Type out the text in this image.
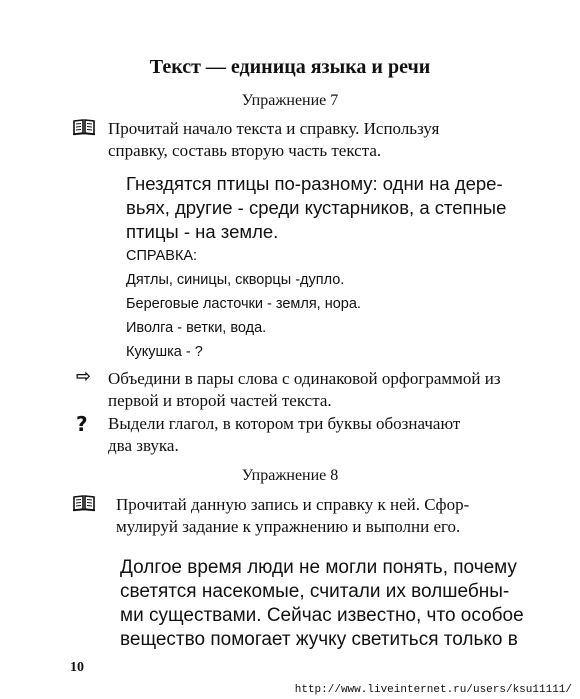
Текст — единица языка и речи
Упражнение 7
Прочитай начало текста и справку. Используя
справку, составь вторую часть текста.
Гнездятся птицы по-разному: одни на дере-
вьях, другие - среди кустарников, а степные
птицы - на земле.
СПРАВКА:
Дятлы, синицы, скворцы -дупло.
Береговые ласточки - земля, нора.
Иволга - ветки, вода.
Кукушка - ?
⇨ Объедини в пары слова с одинаковой орфограммой из
первой и второй частей текста.
? Выдели глагол, в котором три буквы обозначают
два звука.
Упражнение 8
Прочитай данную запись и справку к ней. Сфор-
мулируй задание к упражнению и выполни его.
Долгое время люди не могли понять, почему
светятся насекомые, считали их волшебны-
ми существами. Сейчас известно, что особое
вещество помогает жучку светиться только в
10
http://www.liveinternet.ru/users/ksu11111/
